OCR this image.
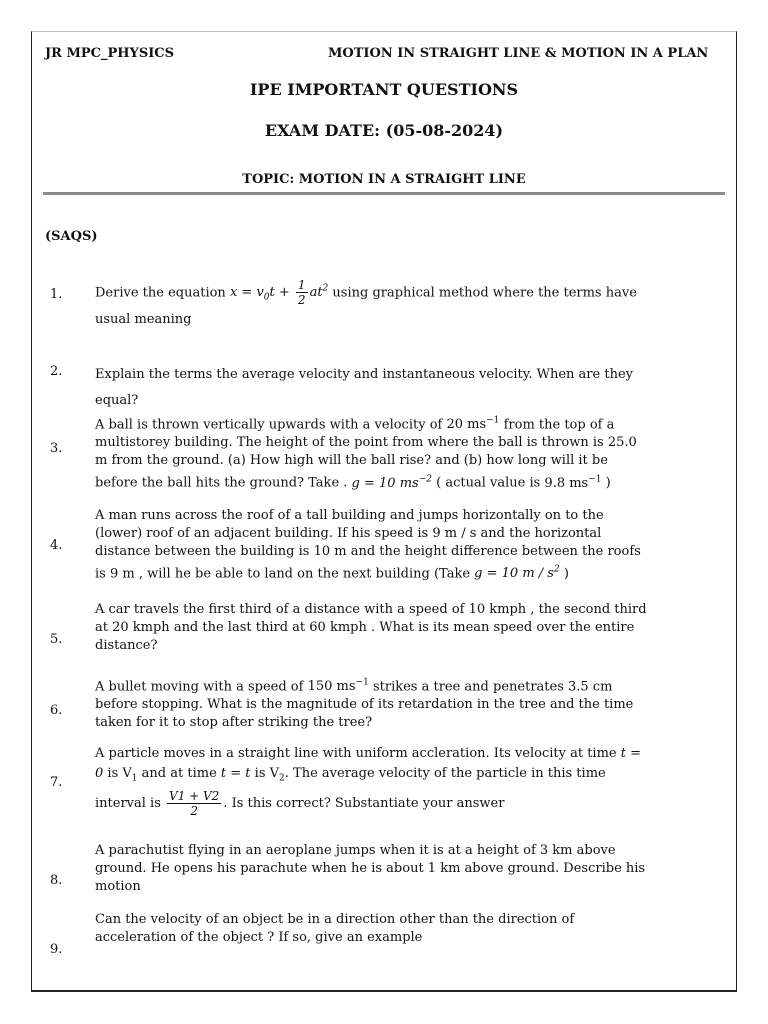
JR MPC_PHYSICS	MOTION IN STRAIGHT LINE & MOTION IN A PLAN
IPE IMPORTANT QUESTIONS
EXAM DATE: (05-08-2024)
TOPIC: MOTION IN A STRAIGHT LINE
(SAQS)
1.	Derive the equation $x = v_0t + \frac{1}{2} at^2$ using graphical method where the terms have usual meaning
2.	Explain the terms the average velocity and instantaneous velocity. When are they equal?
3.
A ball is thrown vertically upwards with a velocity of 20 $ms^{-1}$ from the top of a multistorey building. The height of the point from where the ball is thrown is 25.0 m from the ground. (a) How high will the ball rise? and (b) how long will it be before the ball hits the ground? Take . g = 10 $ms^{-2}$ ( actual value is 9.8 $ms^{-1}$ )
4.
A man runs across the roof of a tall building and jumps horizontally on to the (lower) roof of an adjacent building. If his speed is 9 m / s and the horizontal distance between the building is 10 m and the height difference between the roofs is 9 m , will he be able to land on the next building (Take g = 10 m / $s^2$ )
5.
A car travels the first third of a distance with a speed of 10 kmph , the second third at 20 kmph and the last third at 60 kmph . What is its mean speed over the entire distance?
6.
A bullet moving with a speed of 150 $ms^{-1}$ strikes a tree and penetrates 3.5 cm before stopping. What is the magnitude of its retardation in the tree and the time taken for it to stop after striking the tree?
7.
A particle moves in a straight line with uniform accleration. Its velocity at time t = 0 is $V_1$ and at time t = t is $V_2$. The average velocity of the particle in this time interval is $\frac{V1 + V2}{2}$ . Is this correct? Substantiate your answer
8.
A parachutist flying in an aeroplane jumps when it is at a height of 3 km above ground. He opens his parachute when he is about 1 km above ground. Describe his motion
9.
Can the velocity of an object be in a direction other than the direction of acceleration of the object ? If so, give an example
